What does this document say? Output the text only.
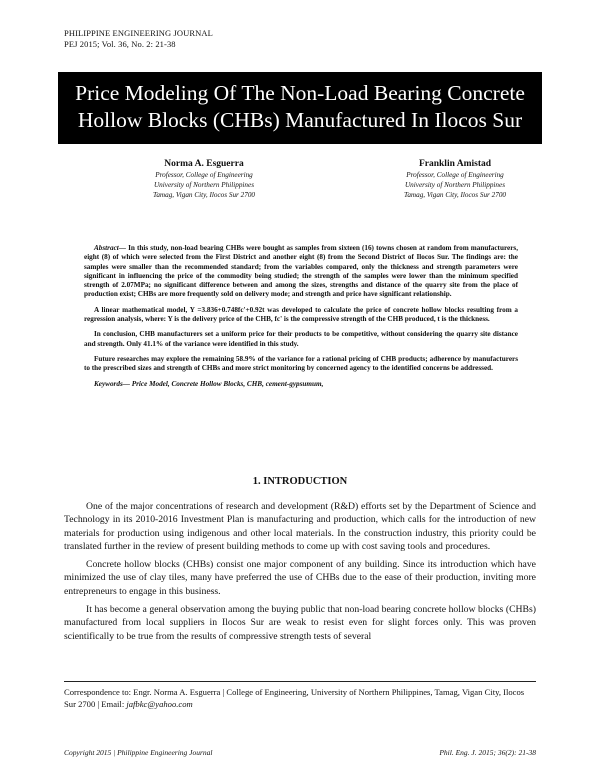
PHILIPPINE ENGINEERING JOURNAL
PEJ 2015; Vol. 36, No. 2: 21-38
Price Modeling Of The Non-Load Bearing Concrete
Hollow Blocks (CHBs) Manufactured In Ilocos Sur
Norma A. Esguerra
Professor, College of Engineering
University of Northern Philippines
Tamag, Vigan City, Ilocos Sur 2700
Franklin Amistad
Professor, College of Engineering
University of Northern Philippines
Tamag, Vigan City, Ilocos Sur 2700

Abstract— In this study, non-load bearing CHBs were bought as samples from sixteen (16) towns chosen at random from manufacturers, eight (8) of which were selected from the First District and another eight (8) from the Second District of Ilocos Sur. The findings are: the samples were smaller than the recommended standard; from the variables compared, only the thickness and strength parameters were significant in influencing the price of the commodity being studied; the strength of the samples were lower than the minimum specified strength of 2.07MPa; no significant difference between and among the sizes, strengths and distance of the quarry site from the place of production exist; CHBs are more frequently sold on delivery mode; and strength and price have significant relationship.

A linear mathematical model, Y =3.836+0.748fc'+0.92t was developed to calculate the price of concrete hollow blocks resulting from a regression analysis, where: Y is the delivery price of the CHB, fc' is the compressive strength of the CHB produced, t is the thickness.

In conclusion, CHB manufacturers set a uniform price for their products to be competitive, without considering the quarry site distance and strength. Only 41.1% of the variance were identified in this study.

Future researches may explore the remaining 58.9% of the variance for a rational pricing of CHB products; adherence by manufacturers to the prescribed sizes and strength of CHBs and more strict monitoring by concerned agency to the identified concerns be addressed.

Keywords— Price Model, Concrete Hollow Blocks, CHB, cement-gypsumum,

1. INTRODUCTION

One of the major concentrations of research and development (R&D) efforts set by the Department of Science and Technology in its 2010-2016 Investment Plan is manufacturing and production, which calls for the introduction of new materials for production using indigenous and other local materials. In the construction industry, this priority could be translated further in the review of present building methods to come up with cost saving tools and procedures.

Concrete hollow blocks (CHBs) consist one major component of any building. Since its introduction which have minimized the use of clay tiles, many have preferred the use of CHBs due to the ease of their production, inviting more entrepreneurs to engage in this business.

It has become a general observation among the buying public that non-load bearing concrete hollow blocks (CHBs) manufactured from local suppliers in Ilocos Sur are weak to resist even for slight forces only. This was proven scientifically to be true from the results of compressive strength tests of several

Correspondence to: Engr. Norma A. Esguerra | College of Engineering, University of Northern Philippines, Tamag, Vigan City, Ilocos Sur 2700 | Email: jafbkc@yahoo.com
Copyright 2015 | Philippine Engineering Journal	Phil. Eng. J. 2015; 36(2): 21-38
